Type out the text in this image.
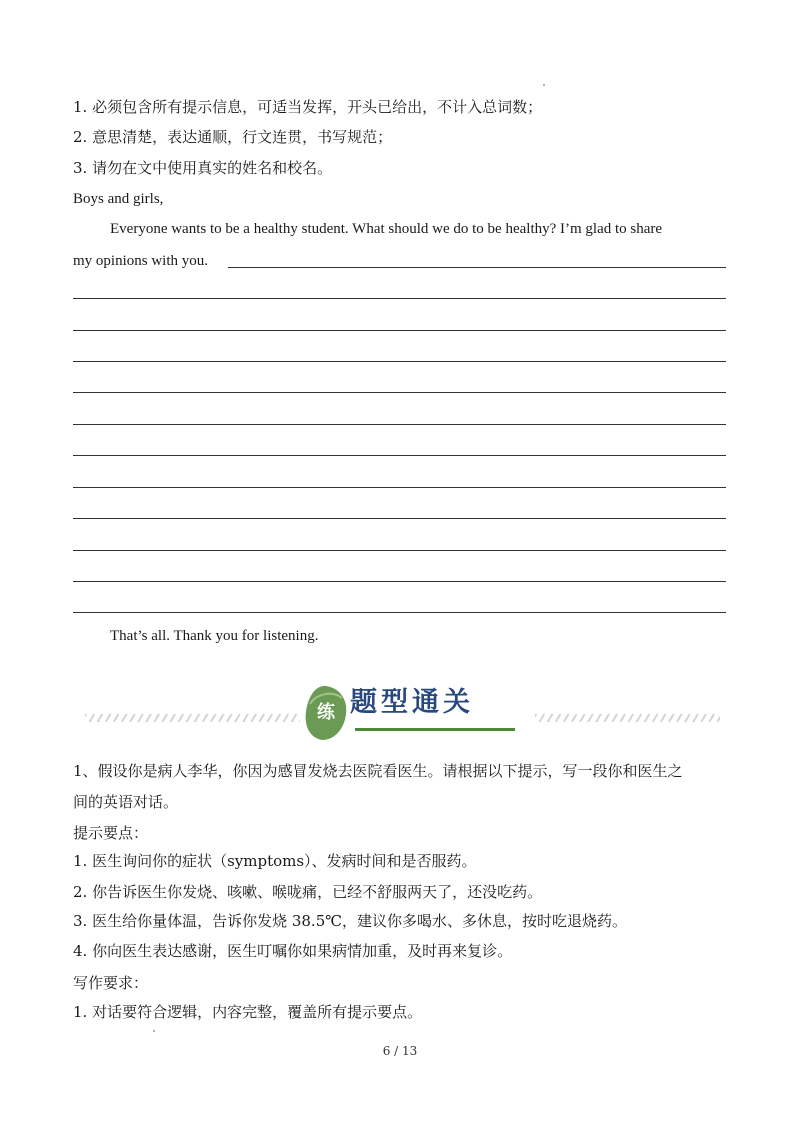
1. 必须包含所有提示信息，可适当发挥，开头已给出，不计入总词数；
2. 意思清楚，表达通顺，行文连贯，书写规范；
3. 请勿在文中使用真实的姓名和校名。
Boys and girls,
Everyone wants to be a healthy student. What should we do to be healthy? I’m glad to share
my opinions with you.
That’s all. Thank you for listening.
练 题型通关
1、假设你是病人李华，你因为感冒发烧去医院看医生。请根据以下提示，写一段你和医生之
间的英语对话。
提示要点：
1. 医生询问你的症状（symptoms）、发病时间和是否服药。
2. 你告诉医生你发烧、咳嗽、喉咙痛，已经不舒服两天了，还没吃药。
3. 医生给你量体温，告诉你发烧 38.5℃，建议你多喝水、多休息，按时吃退烧药。
4. 你向医生表达感谢，医生叮嘱你如果病情加重，及时再来复诊。
写作要求：
1. 对话要符合逻辑，内容完整，覆盖所有提示要点。
6 / 13
